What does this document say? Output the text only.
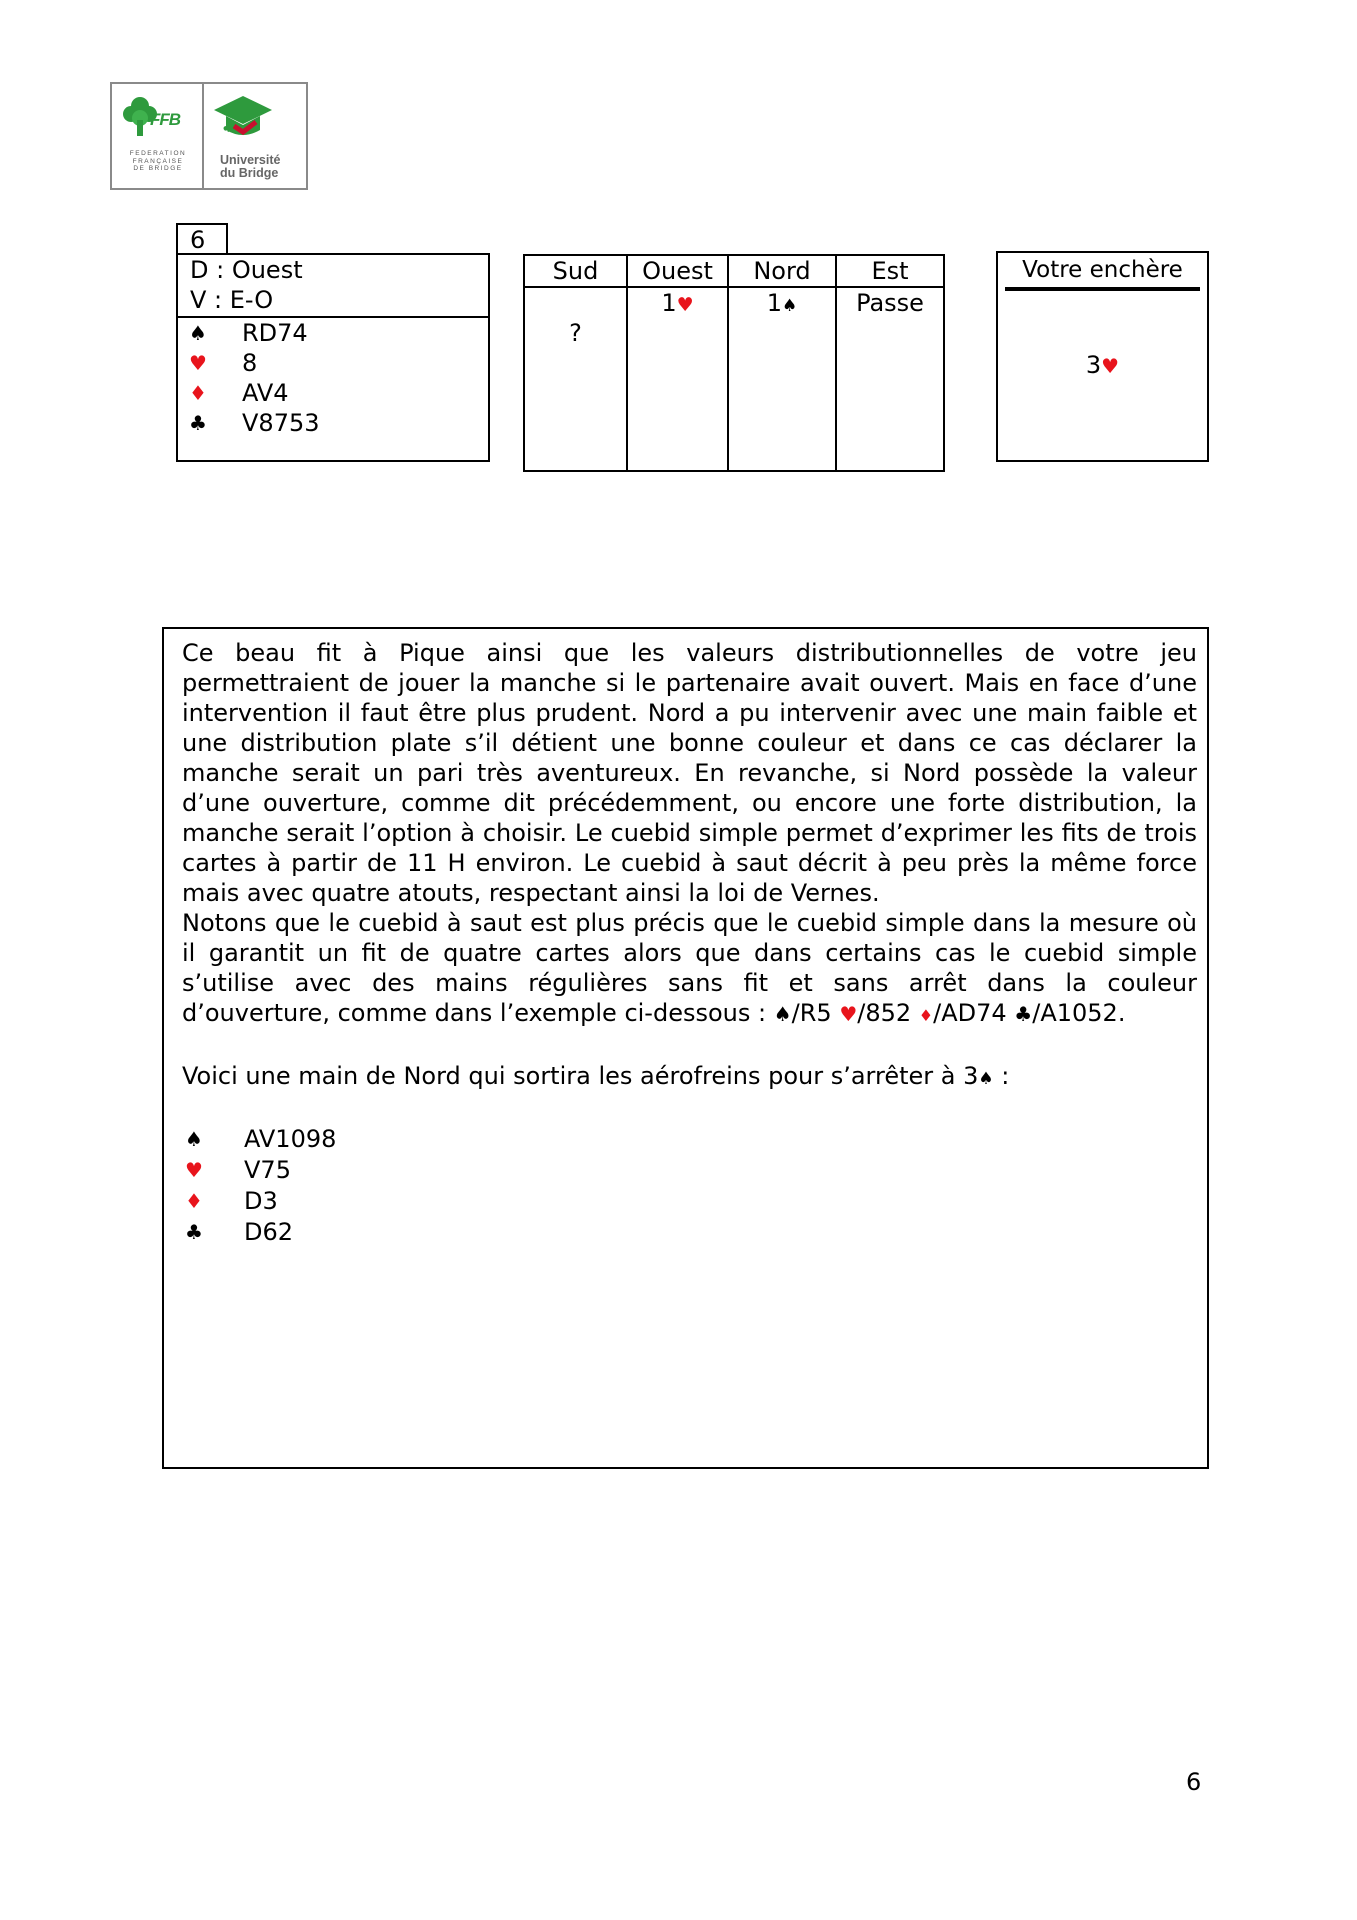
FFB
FEDERATION
FRANÇAISE
DE BRIDGE
♣
Université
du Bridge
6
D : Ouest
V : E-O
♠ RD74
♥ 8
♦ AV4
♣ V8753
Sud	Ouest	Nord	Est

?	1♥	1♠	Passe
Votre enchère
3♥

Ce beau fit à Pique ainsi que les valeurs distributionnelles de votre jeu permettraient de jouer la manche si le partenaire avait ouvert. Mais en face d’une intervention il faut être plus prudent. Nord a pu intervenir avec une main faible et une distribution plate s’il détient une bonne couleur et dans ce cas déclarer la manche serait un pari très aventureux. En revanche, si Nord possède la valeur d’une ouverture, comme dit précédemment, ou encore une forte distribution, la manche serait l’option à choisir. Le cuebid simple permet d’exprimer les fits de trois cartes à partir de 11 H environ. Le cuebid à saut décrit à peu près la même force mais avec quatre atouts, respectant ainsi la loi de Vernes.

Notons que le cuebid à saut est plus précis que le cuebid simple dans la mesure où il garantit un fit de quatre cartes alors que dans certains cas le cuebid simple s’utilise avec des mains régulières sans fit et sans arrêt dans la couleur d’ouverture, comme dans l’exemple ci-dessous : ♠/R5 ♥/852 ♦/AD74 ♣/A1052.

Voici une main de Nord qui sortira les aérofreins pour s’arrêter à 3♠ :

♠ AV1098
♥ V75
♦ D3
♣ D62
6
